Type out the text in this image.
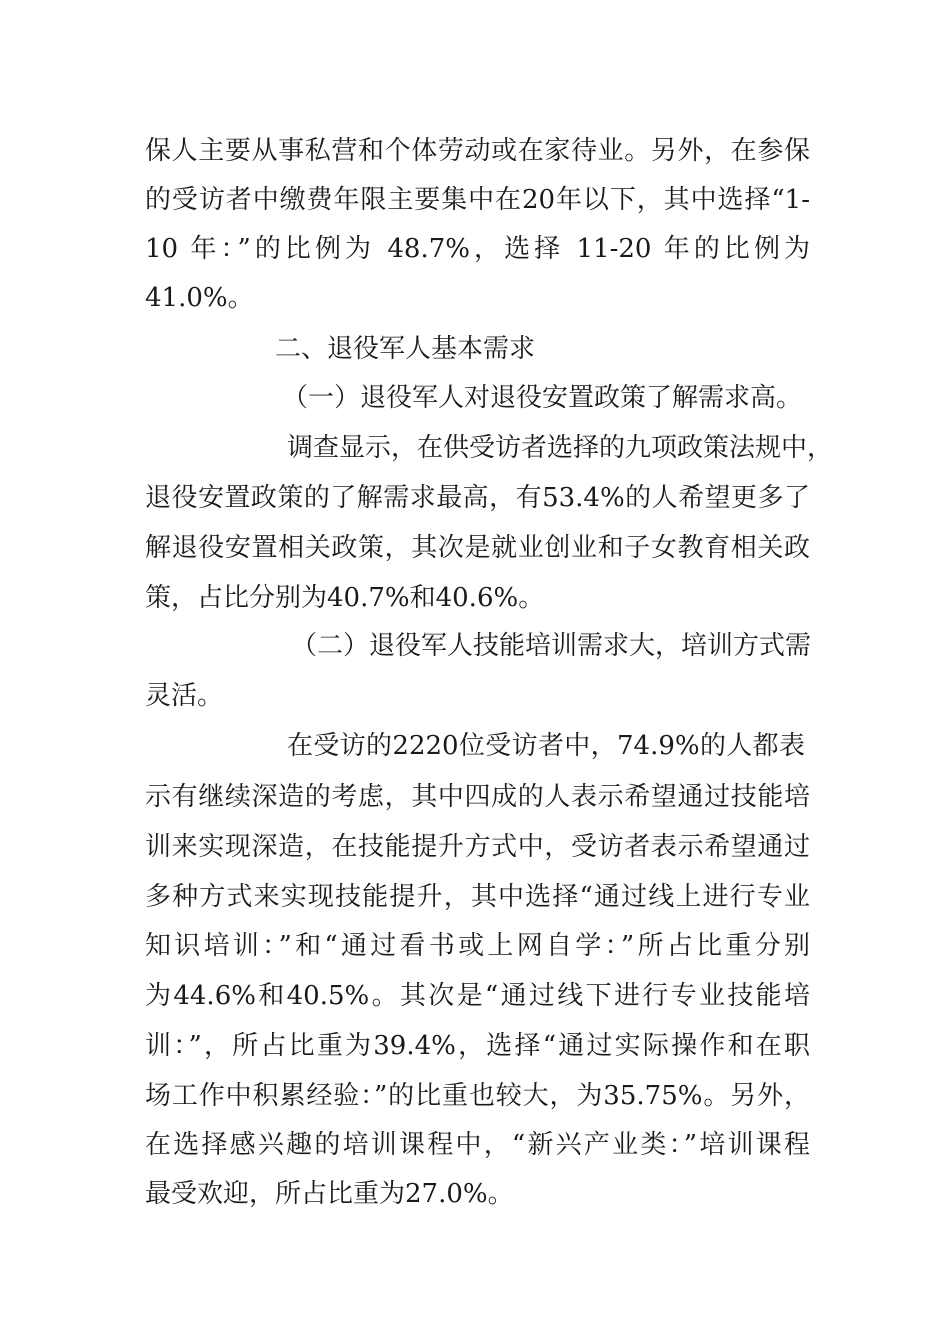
保人主要从事私营和个体劳动或在家待业。另外，在参保
的受访者中缴费年限主要集中在20年以下，其中选择“1-
10 年：”的比例为 48.7%，选择 11-20 年的比例为
41.0%。
二、退役军人基本需求
（一）退役军人对退役安置政策了解需求高。
调查显示，在供受访者选择的九项政策法规中，
退役安置政策的了解需求最高，有53.4%的人希望更多了
解退役安置相关政策，其次是就业创业和子女教育相关政
策，占比分别为40.7%和40.6%。
（二）退役军人技能培训需求大，培训方式需
灵活。
在受访的2220位受访者中，74.9%的人都表
示有继续深造的考虑，其中四成的人表示希望通过技能培
训来实现深造，在技能提升方式中，受访者表示希望通过
多种方式来实现技能提升，其中选择“通过线上进行专业
知识培训：”和“通过看书或上网自学：”所占比重分别
为44.6%和40.5%。其次是“通过线下进行专业技能培
训：”，所占比重为39.4%，选择“通过实际操作和在职
场工作中积累经验：”的比重也较大，为35.75%。另外，
在选择感兴趣的培训课程中，“新兴产业类：”培训课程
最受欢迎，所占比重为27.0%。
